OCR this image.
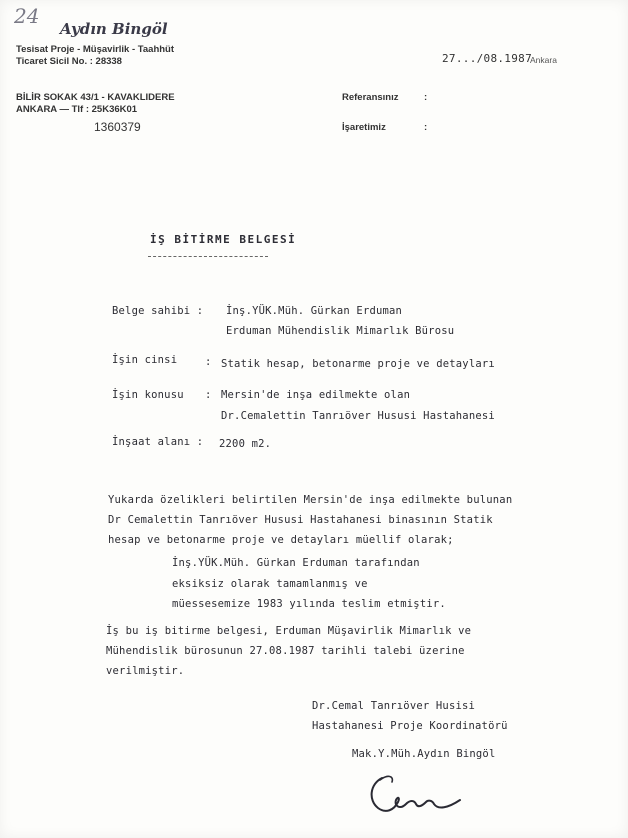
24
Aydın Bingöl
Tesisat Proje - Müşavirlik - Taahhüt
Ticaret Sicil No. : 28338
BİLİR SOKAK 43/1 - KAVAKLIDERE
ANKARA — Tlf : 25K36K01
1360379
27.../08.1987
Ankara
Referansınız	:
İşaretimiz	:
İŞ BİTİRME BELGESİ
Belge sahibi : İnş.YÜK.Müh. Gürkan Erduman
Erduman Mühendislik Mimarlık Bürosu
İşin cinsi	: Statik hesap, betonarme proje ve detayları
İşin konusu : Mersin'de inşa edilmekte olan
Dr.Cemalettin Tanrıöver Hususi Hastahanesi
İnşaat alanı : 2200 m2.
Yukarda özelikleri belirtilen Mersin'de inşa edilmekte bulunan
Dr Cemalettin Tanrıöver Hususi Hastahanesi binasının Statik
hesap ve betonarme proje ve detayları müellif olarak;
İnş.YÜK.Müh. Gürkan Erduman tarafından
eksiksiz olarak tamamlanmış ve
müessesemize 1983 yılında teslim etmiştir.
İş bu iş bitirme belgesi, Erduman Müşavirlik Mimarlık ve
Mühendislik bürosunun 27.08.1987 tarihli talebi üzerine
verilmiştir.
Dr.Cemal Tanrıöver Husisi
Hastahanesi Proje Koordinatörü
Mak.Y.Müh.Aydın Bingöl
